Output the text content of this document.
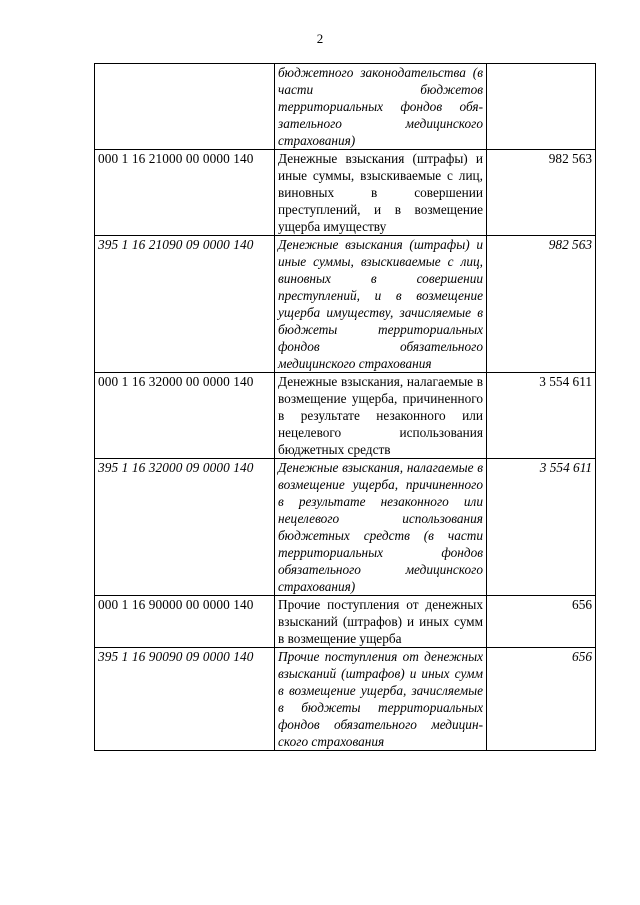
2
	бюджетного законодательства (в части бюджетов территориальных фондов обязательного медицинского страхования)	
000 1 16 21000 00 0000 140	Денежные взыскания (штрафы) и иные суммы, взыскиваемые с лиц, виновных в совершении преступлений, и в возмещение ущерба имуществу	982 563
395 1 16 21090 09 0000 140	Денежные взыскания (штрафы) и иные суммы, взыскиваемые с лиц, виновных в совершении преступлений, и в возмещение ущерба имуществу, зачисляемые в бюджеты территориальных фондов обязательного медицинского страхования	982 563
000 1 16 32000 00 0000 140	Денежные взыскания, налагаемые в возмещение ущерба, причиненного в результате незаконного или нецелевого использования бюджетных средств	3 554 611
395 1 16 32000 09 0000 140	Денежные взыскания, налагаемые в возмещение ущерба, причиненного в результате незаконного или нецелевого использования бюджетных средств (в части территориальных фондов обязательного медицинского страхования)	3 554 611
000 1 16 90000 00 0000 140	Прочие поступления от денежных взысканий (штрафов) и иных сумм в возмещение ущерба	656
395 1 16 90090 09 0000 140	Прочие поступления от денежных взысканий (штрафов) и иных сумм в возмещение ущерба, зачисляемые в бюджеты территориальных фондов обязательного медицинского страхования	656
